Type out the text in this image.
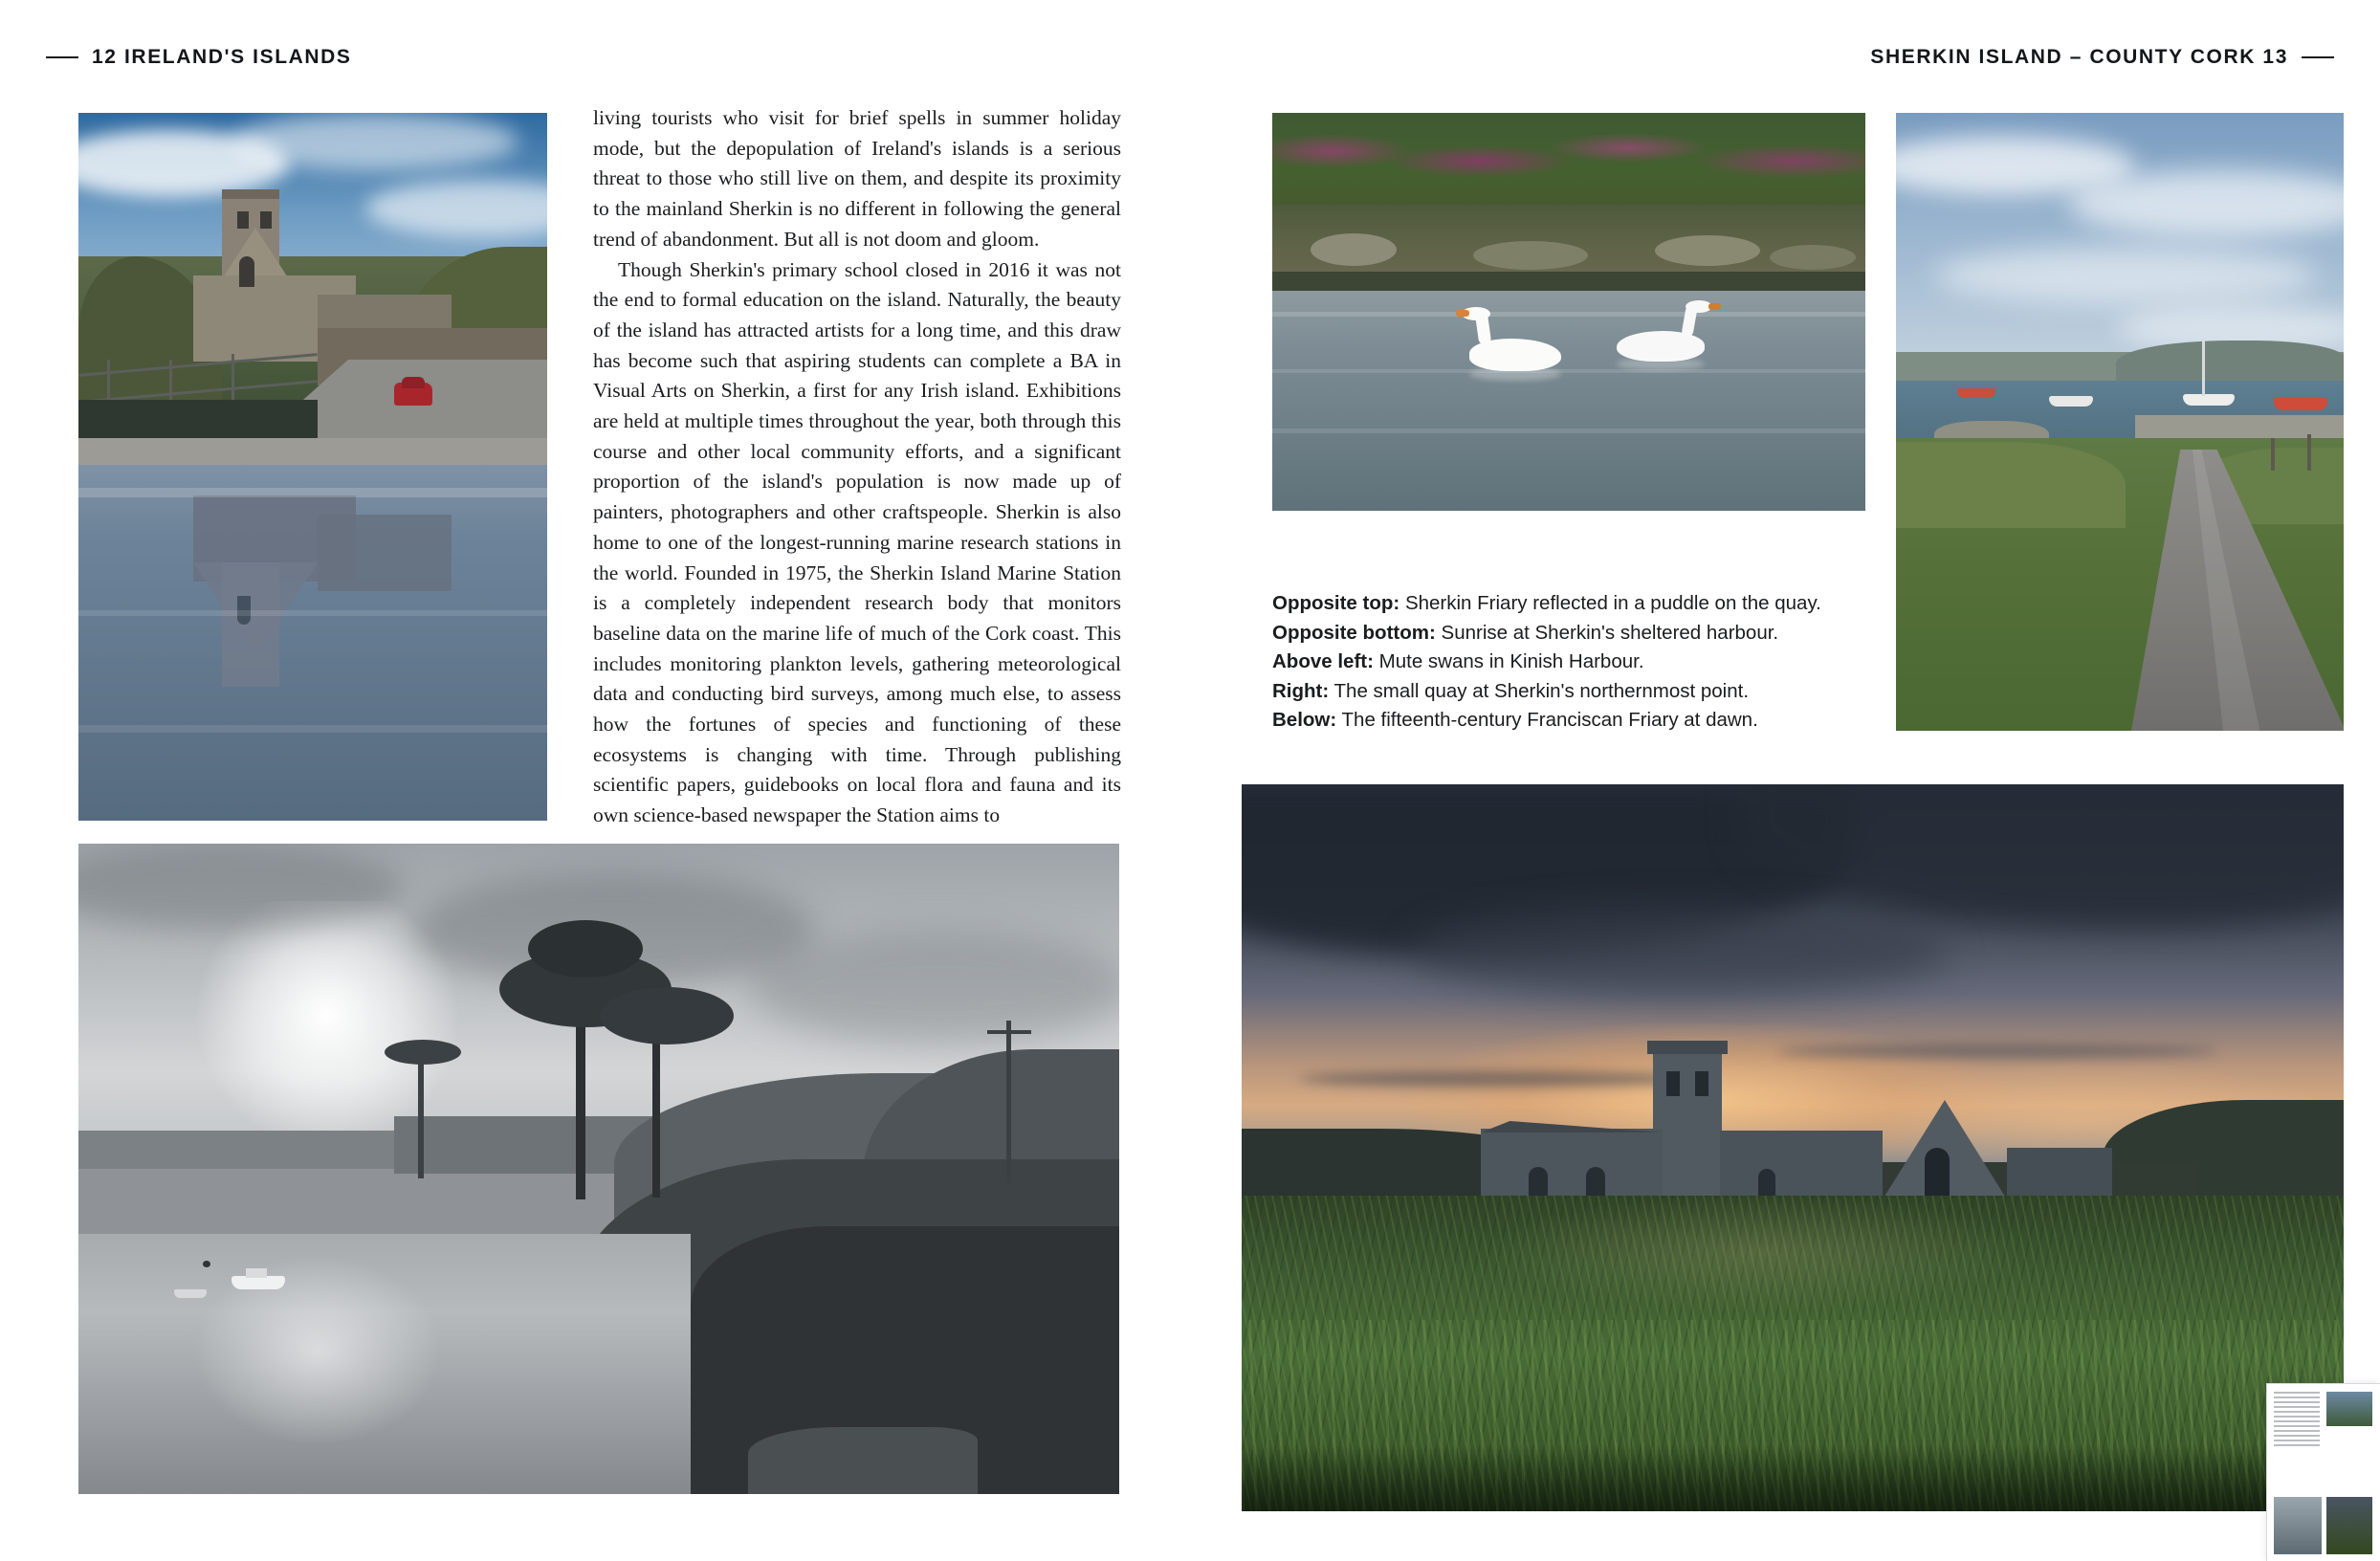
12 IRELAND'S ISLANDS	SHERKIN ISLAND – COUNTY CORK 13

living tourists who visit for brief spells in summer holiday mode, but the depopulation of Ireland's islands is a serious threat to those who still live on them, and despite its proximity to the mainland Sherkin is no different in following the general trend of abandonment. But all is not doom and gloom.

Though Sherkin's primary school closed in 2016 it was not the end to formal education on the island. Naturally, the beauty of the island has attracted artists for a long time, and this draw has become such that aspiring students can complete a BA in Visual Arts on Sherkin, a first for any Irish island. Exhibitions are held at multiple times throughout the year, both through this course and other local community efforts, and a significant proportion of the island's population is now made up of painters, photographers and other craftspeople. Sherkin is also home to one of the longest-running marine research stations in the world. Founded in 1975, the Sherkin Island Marine Station is a completely independent research body that monitors baseline data on the marine life of much of the Cork coast. This includes monitoring plankton levels, gathering meteorological data and conducting bird surveys, among much else, to assess how the fortunes of species and functioning of these ecosystems is changing with time. Through publishing scientific papers, guidebooks on local flora and fauna and its own science-based newspaper the Station aims to

Opposite top: Sherkin Friary reflected in a puddle on the quay.
Opposite bottom: Sunrise at Sherkin's sheltered harbour.
Above left: Mute swans in Kinish Harbour.
Right: The small quay at Sherkin's northernmost point.
Below: The fifteenth-century Franciscan Friary at dawn.
